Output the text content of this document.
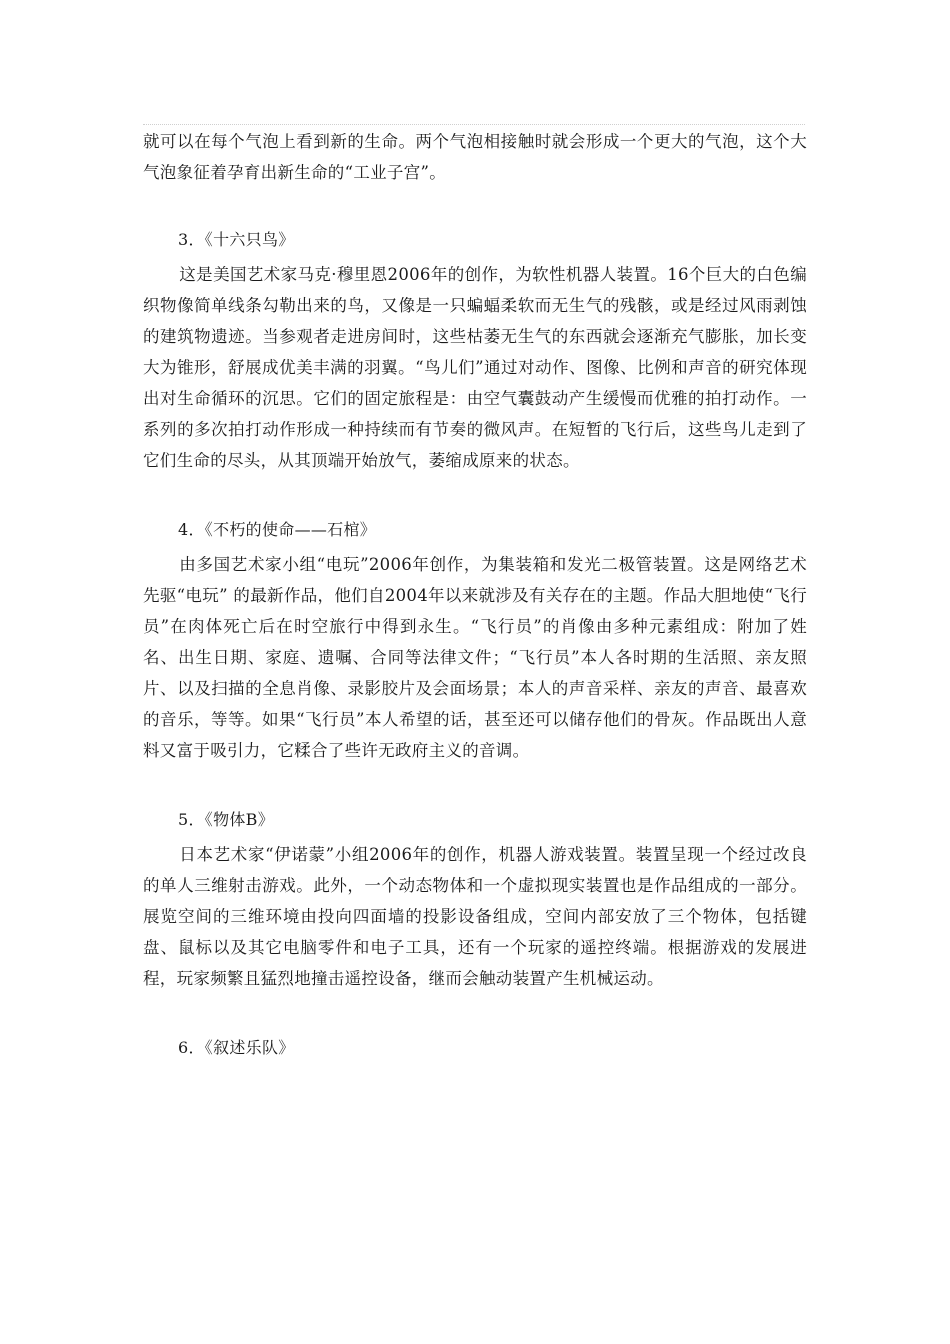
就可以在每个气泡上看到新的生命。两个气泡相接触时就会形成一个更大的气泡，这个大气泡象征着孕育出新生命的“工业子宫”。

3．《十六只鸟》

这是美国艺术家马克·穆里恩2006年的创作，为软性机器人装置。16个巨大的白色编织物像简单线条勾勒出来的鸟，又像是一只蝙蝠柔软而无生气的残骸，或是经过风雨剥蚀的建筑物遗迹。当参观者走进房间时，这些枯萎无生气的东西就会逐渐充气膨胀，加长变大为锥形，舒展成优美丰满的羽翼。“鸟儿们”通过对动作、图像、比例和声音的研究体现出对生命循环的沉思。它们的固定旅程是：由空气囊鼓动产生缓慢而优雅的拍打动作。一系列的多次拍打动作形成一种持续而有节奏的微风声。在短暂的飞行后，这些鸟儿走到了它们生命的尽头，从其顶端开始放气，萎缩成原来的状态。

4．《不朽的使命——石棺》

由多国艺术家小组“电玩”2006年创作，为集装箱和发光二极管装置。这是网络艺术先驱“电玩” 的最新作品，他们自2004年以来就涉及有关存在的主题。作品大胆地使“飞行员”在肉体死亡后在时空旅行中得到永生。“飞行员”的肖像由多种元素组成：附加了姓名、出生日期、家庭、遗嘱、合同等法律文件；“飞行员”本人各时期的生活照、亲友照片、以及扫描的全息肖像、录影胶片及会面场景；本人的声音采样、亲友的声音、最喜欢的音乐，等等。如果“飞行员”本人希望的话，甚至还可以储存他们的骨灰。作品既出人意料又富于吸引力，它糅合了些许无政府主义的音调。

5．《物体B》

日本艺术家“伊诺蒙”小组2006年的创作，机器人游戏装置。装置呈现一个经过改良的单人三维射击游戏。此外，一个动态物体和一个虚拟现实装置也是作品组成的一部分。展览空间的三维环境由投向四面墙的投影设备组成，空间内部安放了三个物体，包括键盘、鼠标以及其它电脑零件和电子工具，还有一个玩家的遥控终端。根据游戏的发展进程，玩家频繁且猛烈地撞击遥控设备，继而会触动装置产生机械运动。

6．《叙述乐队》
